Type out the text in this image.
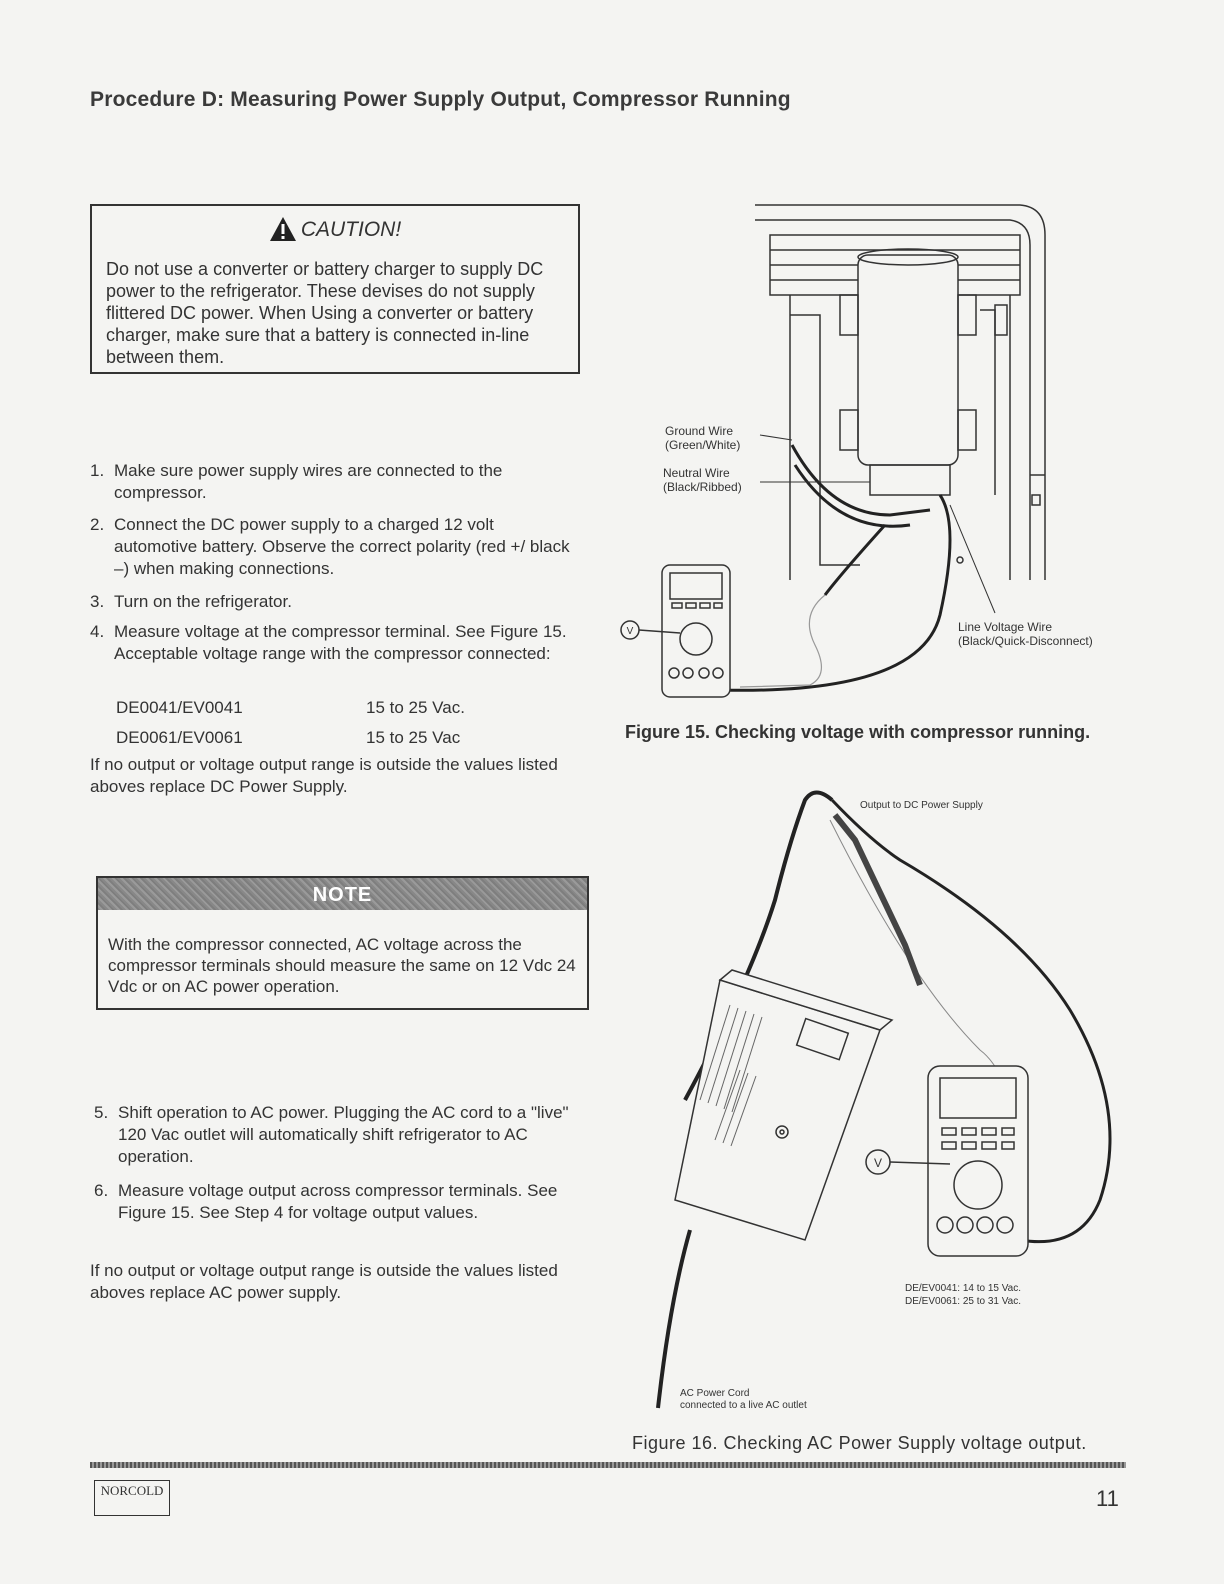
Procedure D: Measuring Power Supply Output, Compressor Running
CAUTION!
Do not use a converter or battery charger to supply DC power to the refrigerator. These devises do not supply flittered DC power. When Using a converter or battery charger, make sure that a battery is connected in-line between them.
1. Make sure power supply wires are connected to the compressor.
2. Connect the DC power supply to a charged 12 volt automotive battery. Observe the correct polarity (red +/ black –) when making connections.
3. Turn on the refrigerator.
4. Measure voltage at the compressor terminal. See Figure 15. Acceptable voltage range with the compressor connected:
DE0041/EV0041	15 to 25 Vac.
DE0061/EV0061	15 to 25 Vac
If no output or voltage output range is outside the values listed aboves replace DC Power Supply.
NOTE
With the compressor connected, AC voltage across the compressor terminals should measure the same on 12 Vdc 24 Vdc or on AC power operation.
5. Shift operation to AC power. Plugging the AC cord to a "live" 120 Vac outlet will automatically shift refrigerator to AC operation.
6. Measure voltage output across compressor terminals. See Figure 15. See Step 4 for voltage output values.
If no output or voltage output range is outside the values listed aboves replace AC power supply.
V
Ground Wire
(Green/White)
Neutral Wire
(Black/Ribbed)
Line Voltage Wire
(Black/Quick-Disconnect)
Figure 15. Checking voltage with compressor running.
V
Output to DC Power Supply
DE/EV0041: 14 to 15 Vac.
DE/EV0061: 25 to 31 Vac.
AC Power Cord
connected to a live AC outlet
Figure 16. Checking AC Power Supply voltage output.
NORCOLD	11
